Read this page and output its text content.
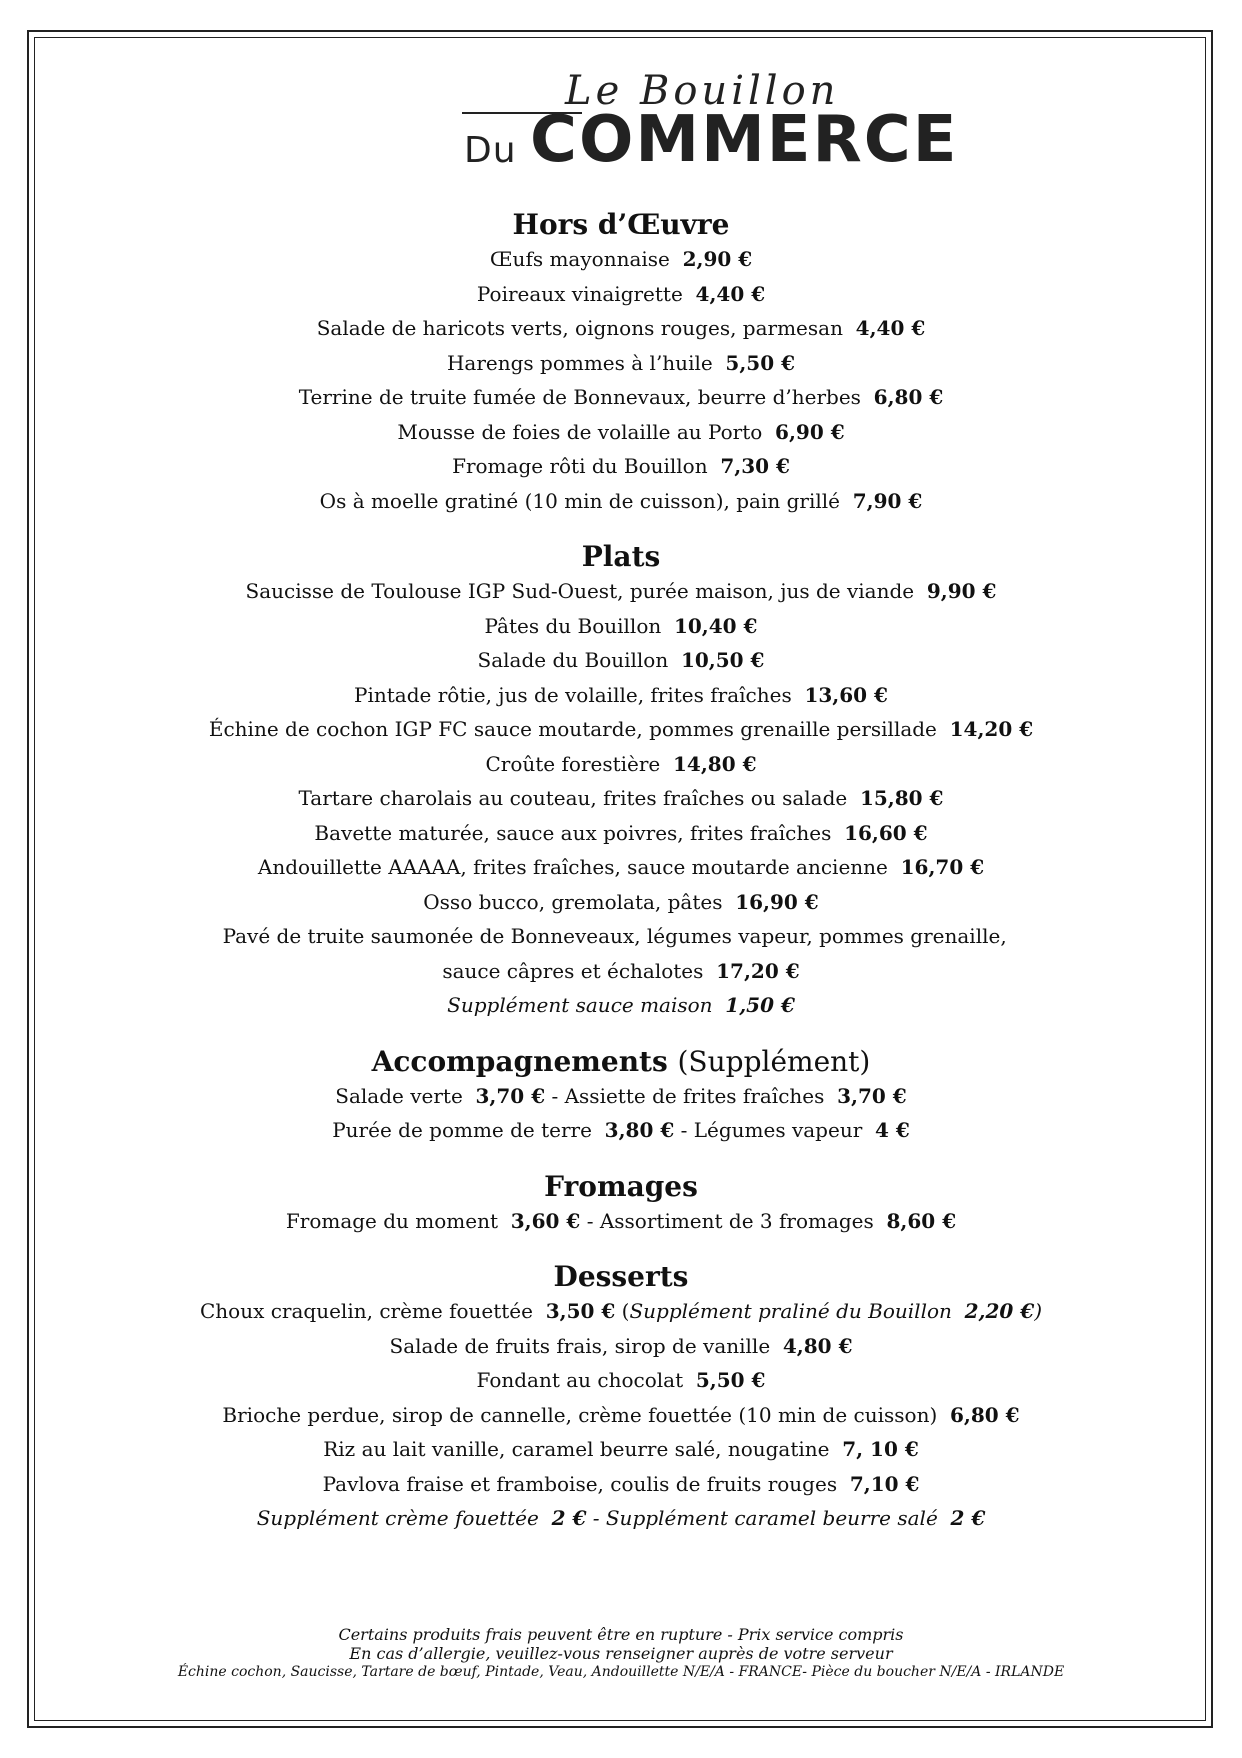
Le Bouillon
Du COMMERCE
Hors d’Œuvre
Œufs mayonnaise 2,90 €
Poireaux vinaigrette 4,40 €
Salade de haricots verts, oignons rouges, parmesan 4,40 €
Harengs pommes à l’huile 5,50 €
Terrine de truite fumée de Bonnevaux, beurre d’herbes 6,80 €
Mousse de foies de volaille au Porto 6,90 €
Fromage rôti du Bouillon 7,30 €
Os à moelle gratiné (10 min de cuisson), pain grillé 7,90 €
Plats
Saucisse de Toulouse IGP Sud-Ouest, purée maison, jus de viande 9,90 €
Pâtes du Bouillon 10,40 €
Salade du Bouillon 10,50 €
Pintade rôtie, jus de volaille, frites fraîches 13,60 €
Échine de cochon IGP FC sauce moutarde, pommes grenaille persillade 14,20 €
Croûte forestière 14,80 €
Tartare charolais au couteau, frites fraîches ou salade 15,80 €
Bavette maturée, sauce aux poivres, frites fraîches 16,60 €
Andouillette AAAAA, frites fraîches, sauce moutarde ancienne 16,70 €
Osso bucco, gremolata, pâtes 16,90 €
Pavé de truite saumonée de Bonneveaux, légumes vapeur, pommes grenaille,
sauce câpres et échalotes 17,20 €
Supplément sauce maison 1,50 €
Accompagnements (Supplément)
Salade verte 3,70 € - Assiette de frites fraîches 3,70 €
Purée de pomme de terre 3,80 € - Légumes vapeur 4 €
Fromages
Fromage du moment 3,60 € - Assortiment de 3 fromages 8,60 €
Desserts
Choux craquelin, crème fouettée 3,50 € (Supplément praliné du Bouillon 2,20 €)
Salade de fruits frais, sirop de vanille 4,80 €
Fondant au chocolat 5,50 €
Brioche perdue, sirop de cannelle, crème fouettée (10 min de cuisson) 6,80 €
Riz au lait vanille, caramel beurre salé, nougatine 7, 10 €
Pavlova fraise et framboise, coulis de fruits rouges 7,10 €
Supplément crème fouettée 2 € - Supplément caramel beurre salé 2 €
Certains produits frais peuvent être en rupture - Prix service compris
En cas d’allergie, veuillez-vous renseigner auprès de votre serveur
Échine cochon, Saucisse, Tartare de bœuf, Pintade, Veau, Andouillette N/E/A - FRANCE- Pièce du boucher N/E/A - IRLANDE
